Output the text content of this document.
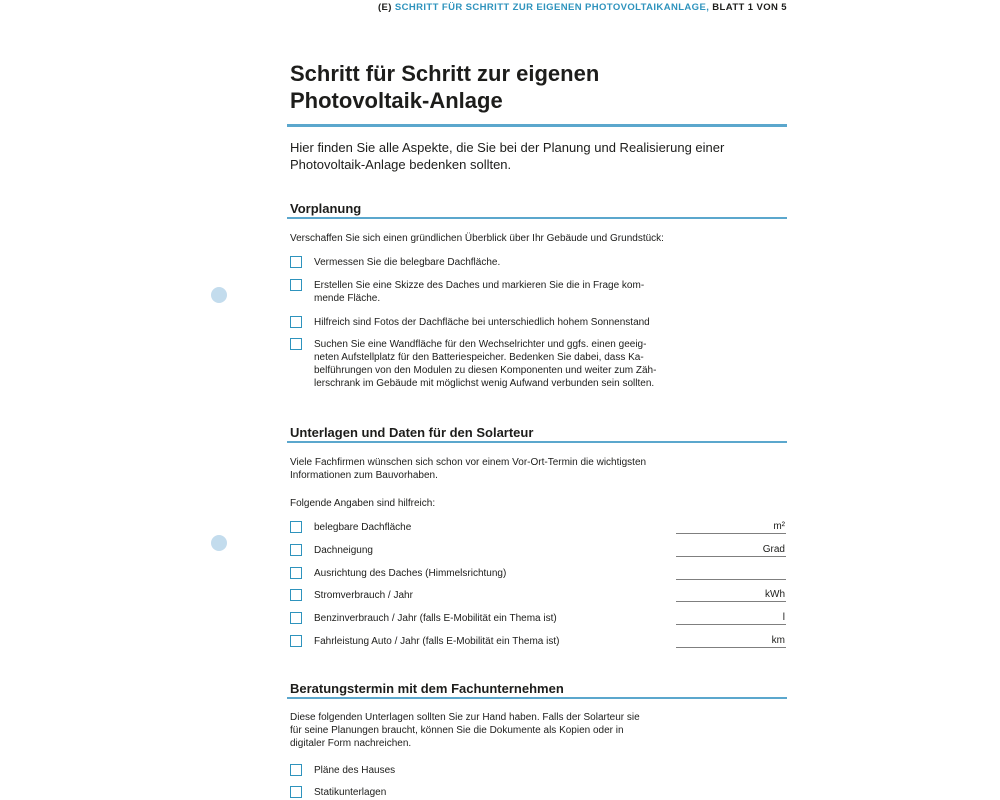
(E) SCHRITT FÜR SCHRITT ZUR EIGENEN PHOTOVOLTAIKANLAGE, BLATT 1 VON 5
Schritt für Schritt zur eigenen
Photovoltaik-Anlage

Hier finden Sie alle Aspekte, die Sie bei der Planung und Realisierung einer
Photovoltaik-Anlage bedenken sollten.

Vorplanung

Verschaffen Sie sich einen gründlichen Überblick über Ihr Gebäude und Grundstück:

Vermessen Sie die belegbare Dachfläche.
Erstellen Sie eine Skizze des Daches und markieren Sie die in Frage kom-
mende Fläche.
Hilfreich sind Fotos der Dachfläche bei unterschiedlich hohem Sonnenstand
Suchen Sie eine Wandfläche für den Wechselrichter und ggfs. einen geeig-
neten Aufstellplatz für den Batteriespeicher. Bedenken Sie dabei, dass Ka-
belführungen von den Modulen zu diesen Komponenten und weiter zum Zäh-
lerschrank im Gebäude mit möglichst wenig Aufwand verbunden sein sollten.
Unterlagen und Daten für den Solarteur

Viele Fachfirmen wünschen sich schon vor einem Vor-Ort-Termin die wichtigsten
Informationen zum Bauvorhaben.

Folgende Angaben sind hilfreich:

belegbare Dachfläche	m²
Dachneigung	Grad
Ausrichtung des Daches (Himmelsrichtung)
Stromverbrauch / Jahr	kWh
Benzinverbrauch / Jahr (falls E-Mobilität ein Thema ist)	l
Fahrleistung Auto / Jahr (falls E-Mobilität ein Thema ist)	km
Beratungstermin mit dem Fachunternehmen

Diese folgenden Unterlagen sollten Sie zur Hand haben. Falls der Solarteur sie
für seine Planungen braucht, können Sie die Dokumente als Kopien oder in
digitaler Form nachreichen.

Pläne des Hauses
Statikunterlagen
